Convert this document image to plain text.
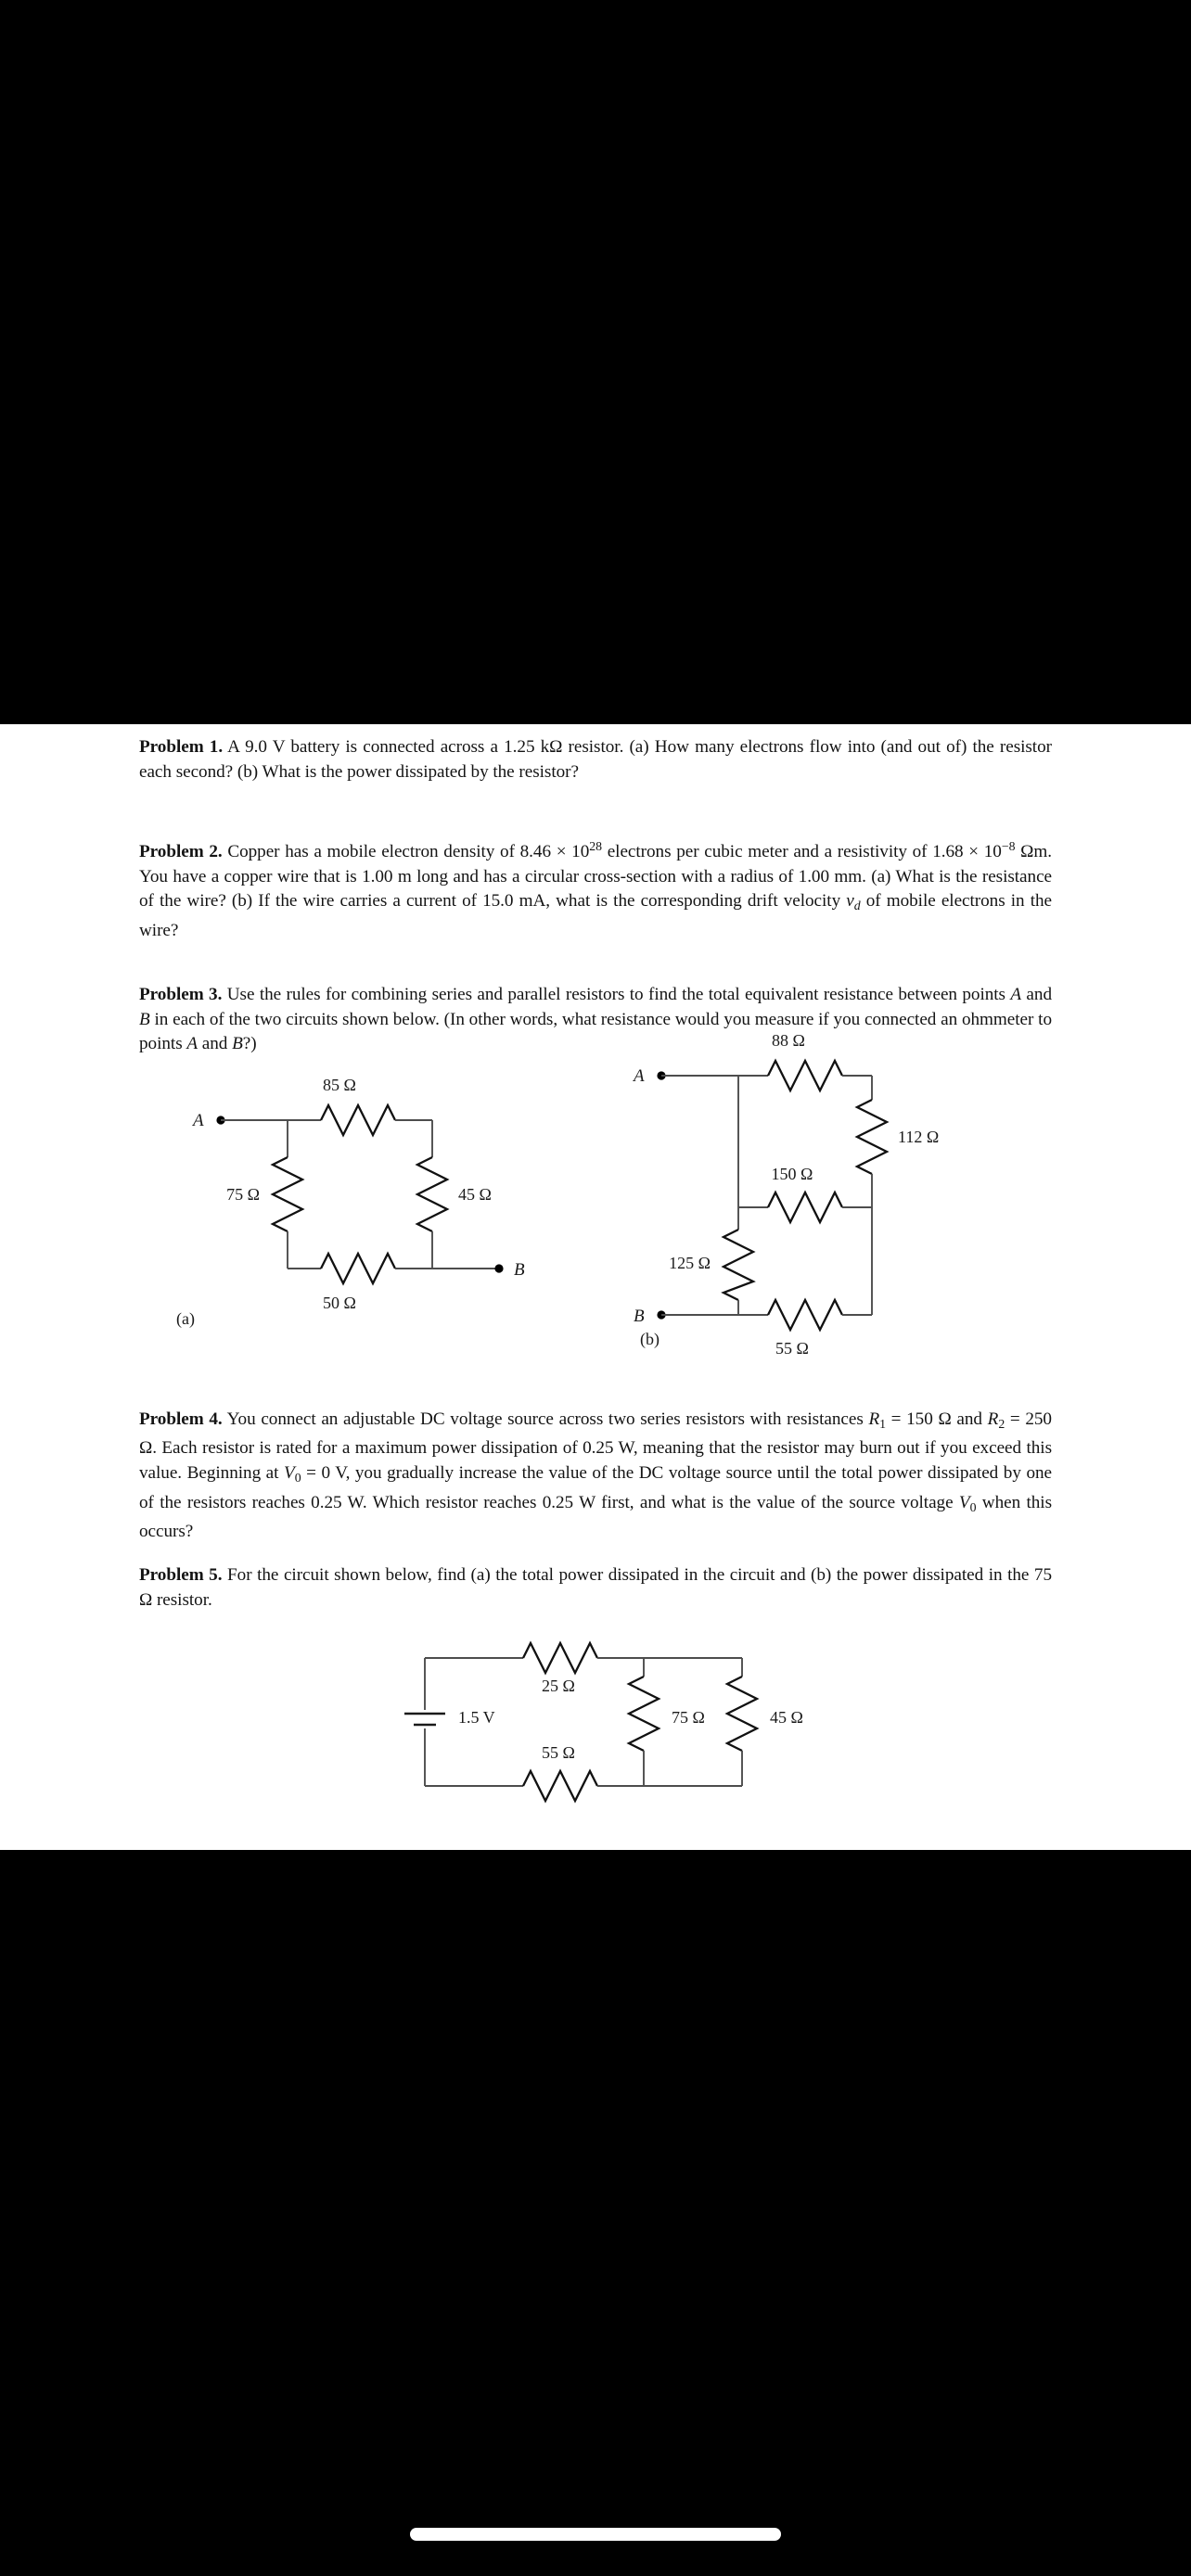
Problem 1. A 9.0 V battery is connected across a 1.25 kΩ resistor. (a) How many electrons flow into (and out of) the resistor each second? (b) What is the power dissipated by the resistor?
Problem 2. Copper has a mobile electron density of $8.46 \times 10^{28}$ electrons per cubic meter and a resistivity of $1.68 \times 10^{-8}$ Ωm. You have a copper wire that is 1.00 m long and has a circular cross-section with a radius of 1.00 mm. (a) What is the resistance of the wire? (b) If the wire carries a current of 15.0 mA, what is the corresponding drift velocity $v_d$ of mobile electrons in the wire?
Problem 3. Use the rules for combining series and parallel resistors to find the total equivalent resistance between points A and B in each of the two circuits shown below. (In other words, what resistance would you measure if you connected an ohmmeter to points A and B?)
A
85 Ω
45 Ω
75 Ω
50 Ω
B
(a)
A
88 Ω
112 Ω
150 Ω
125 Ω
B
55 Ω
(b)
Problem 4. You connect an adjustable DC voltage source across two series resistors with resistances $R_1 = 150$ Ω and $R_2 = 250$ Ω. Each resistor is rated for a maximum power dissipation of 0.25 W, meaning that the resistor may burn out if you exceed this value. Beginning at $V_0 = 0$ V, you gradually increase the value of the DC voltage source until the total power dissipated by one of the resistors reaches 0.25 W. Which resistor reaches 0.25 W first, and what is the value of the source voltage $V_0$ when this occurs?
Problem 5. For the circuit shown below, find (a) the total power dissipated in the circuit and (b) the power dissipated in the 75 Ω resistor.
1.5 V
25 Ω
55 Ω
75 Ω	45 Ω
